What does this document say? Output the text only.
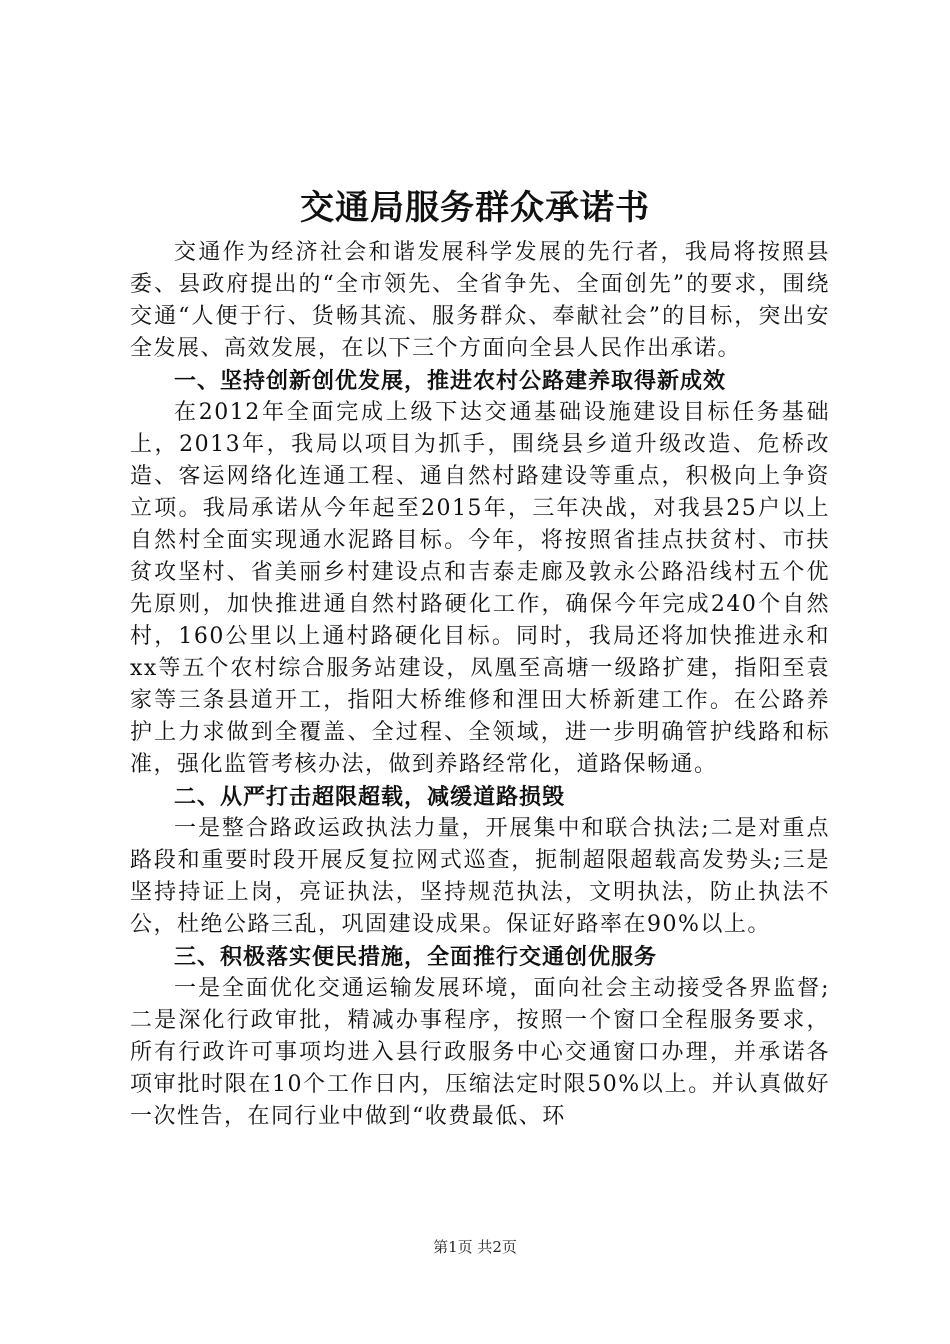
交通局服务群众承诺书

交通作为经济社会和谐发展科学发展的先行者，我局将按照县委、县政府提出的“全市领先、全省争先、全面创先”的要求，围绕交通“人便于行、货畅其流、服务群众、奉献社会”的目标，突出安全发展、高效发展，在以下三个方面向全县人民作出承诺。

一、坚持创新创优发展，推进农村公路建养取得新成效

在2012年全面完成上级下达交通基础设施建设目标任务基础上，2013年，我局以项目为抓手，围绕县乡道升级改造、危桥改造、客运网络化连通工程、通自然村路建设等重点，积极向上争资立项。我局承诺从今年起至2015年，三年决战，对我县25户以上自然村全面实现通水泥路目标。今年，将按照省挂点扶贫村、市扶贫攻坚村、省美丽乡村建设点和吉泰走廊及敦永公路沿线村五个优先原则，加快推进通自然村路硬化工作，确保今年完成240个自然村，160公里以上通村路硬化目标。同时，我局还将加快推进永和xx等五个农村综合服务站建设，凤凰至高塘一级路扩建，指阳至袁家等三条县道开工，指阳大桥维修和浬田大桥新建工作。在公路养护上力求做到全覆盖、全过程、全领域，进一步明确管护线路和标准，强化监管考核办法，做到养路经常化，道路保畅通。

二、从严打击超限超载，减缓道路损毁

一是整合路政运政执法力量，开展集中和联合执法;二是对重点路段和重要时段开展反复拉网式巡查，扼制超限超载高发势头;三是坚持持证上岗，亮证执法，坚持规范执法，文明执法，防止执法不公，杜绝公路三乱，巩固建设成果。保证好路率在90%以上。

三、积极落实便民措施，全面推行交通创优服务

一是全面优化交通运输发展环境，面向社会主动接受各界监督;二是深化行政审批，精减办事程序，按照一个窗口全程服务要求，所有行政许可事项均进入县行政服务中心交通窗口办理，并承诺各项审批时限在10个工作日内，压缩法定时限50%以上。并认真做好一次性告，在同行业中做到“收费最低、环

第1页 共2页
